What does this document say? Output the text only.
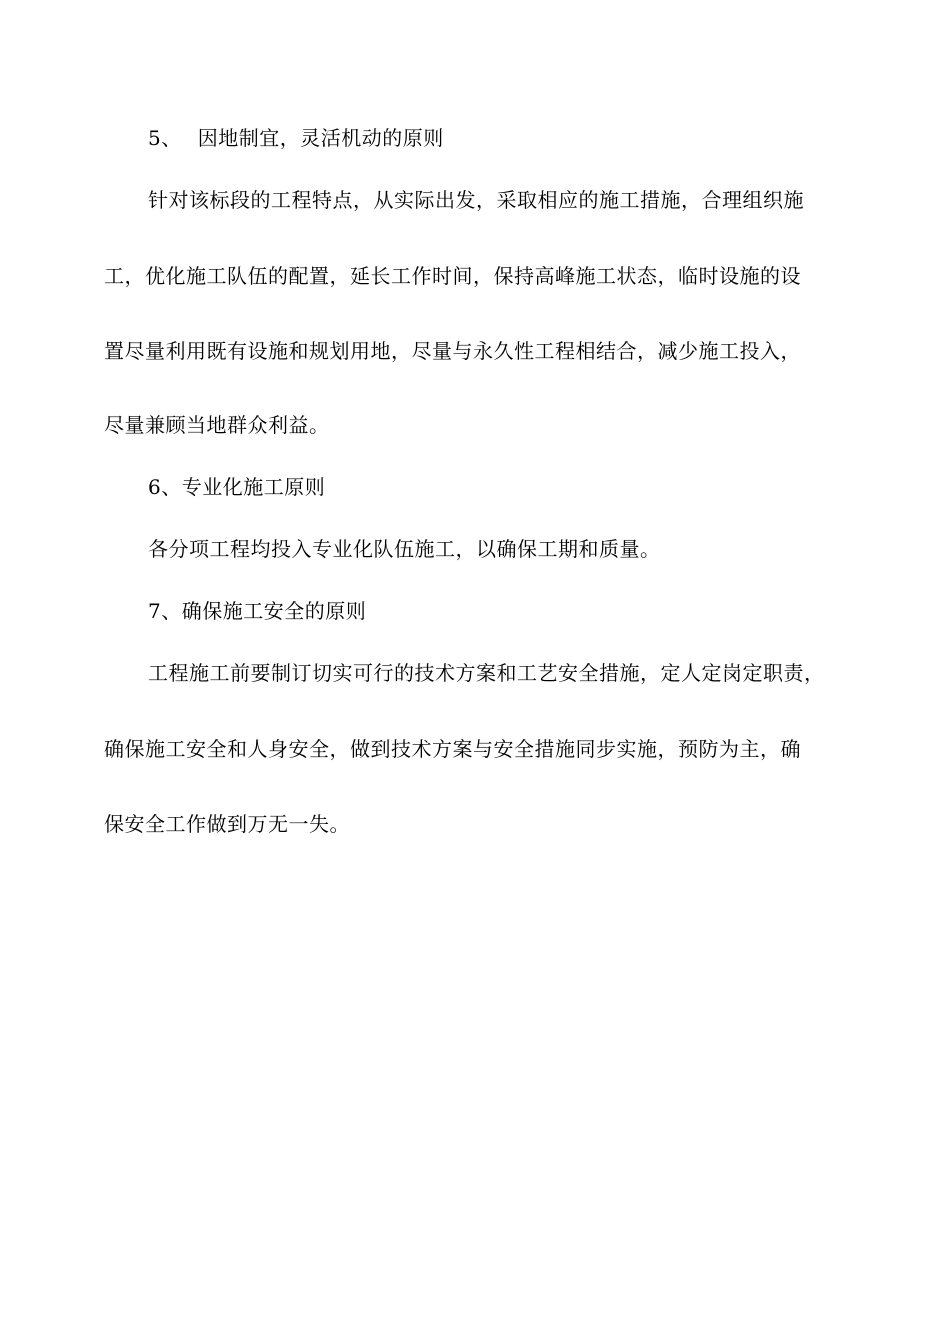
5、 因地制宜，灵活机动的原则
针对该标段的工程特点，从实际出发，采取相应的施工措施，合理组织施
工，优化施工队伍的配置，延长工作时间，保持高峰施工状态，临时设施的设
置尽量利用既有设施和规划用地，尽量与永久性工程相结合，减少施工投入，
尽量兼顾当地群众利益。
6、专业化施工原则
各分项工程均投入专业化队伍施工，以确保工期和质量。
7、确保施工安全的原则
工程施工前要制订切实可行的技术方案和工艺安全措施，定人定岗定职责，
确保施工安全和人身安全，做到技术方案与安全措施同步实施，预防为主，确
保安全工作做到万无一失。
